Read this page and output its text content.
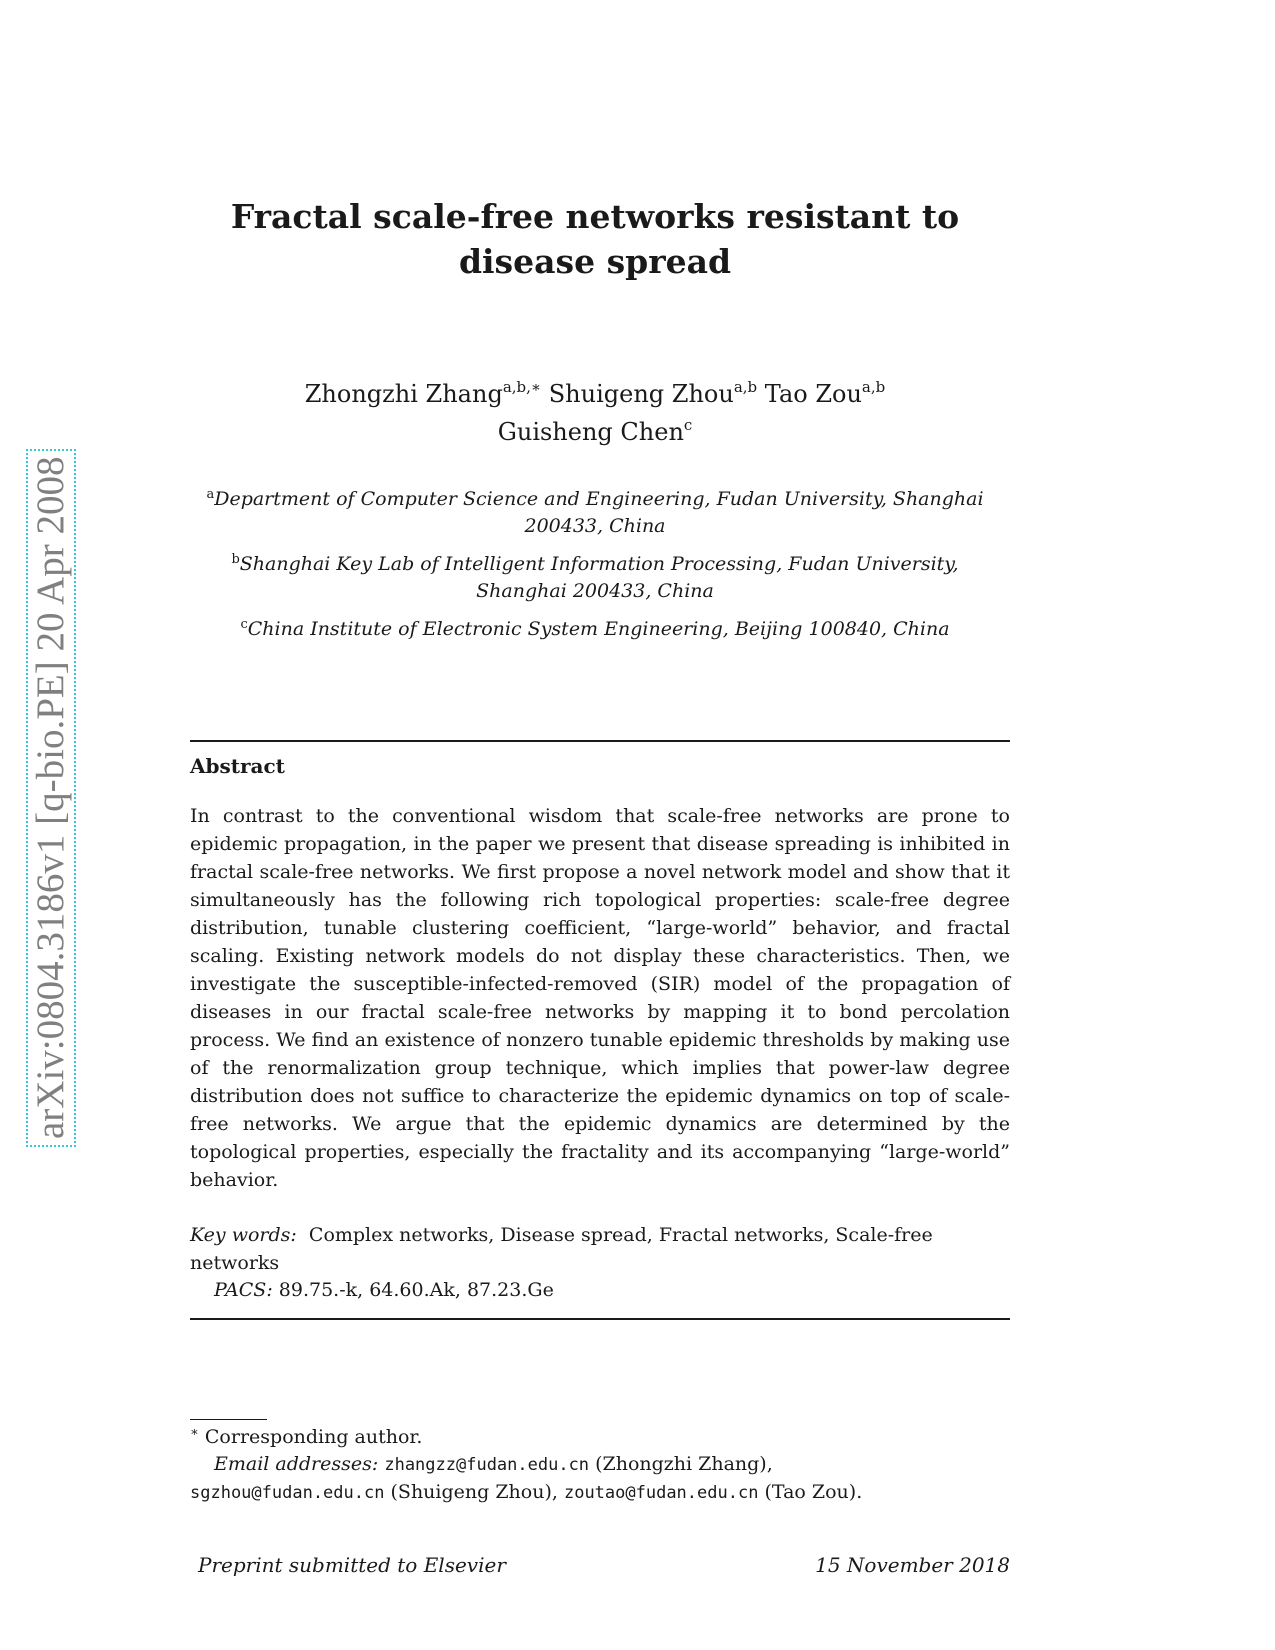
arXiv:0804.3186v1 [q-bio.PE] 20 Apr 2008
Fractal scale-free networks resistant to disease spread
Zhongzhi Zhang$^{a,b,∗}$ Shuigeng Zhou$^{a,b}$ Tao Zou$^{a,b}$
Guisheng Chen$^c$
$^a$Department of Computer Science and Engineering, Fudan University, Shanghai 200433, China
$^b$Shanghai Key Lab of Intelligent Information Processing, Fudan University, Shanghai 200433, China
$^c$China Institute of Electronic System Engineering, Beijing 100840, China
Abstract

In contrast to the conventional wisdom that scale-free networks are prone to epidemic propagation, in the paper we present that disease spreading is inhibited in fractal scale-free networks. We first propose a novel network model and show that it simultaneously has the following rich topological properties: scale-free degree distribution, tunable clustering coefficient, “large-world” behavior, and fractal scaling. Existing network models do not display these characteristics. Then, we investigate the susceptible-infected-removed (SIR) model of the propagation of diseases in our fractal scale-free networks by mapping it to bond percolation process. We find an existence of nonzero tunable epidemic thresholds by making use of the renormalization group technique, which implies that power-law degree distribution does not suffice to characterize the epidemic dynamics on top of scale-free networks. We argue that the epidemic dynamics are determined by the topological properties, especially the fractality and its accompanying “large-world” behavior.

Key words: Complex networks, Disease spread, Fractal networks, Scale-free networks
PACS: 89.75.-k, 64.60.Ak, 87.23.Ge
∗ Corresponding author.
Email addresses: zhangzz@fudan.edu.cn (Zhongzhi Zhang),
sgzhou@fudan.edu.cn (Shuigeng Zhou), zoutao@fudan.edu.cn (Tao Zou).
Preprint submitted to Elsevier	15 November 2018
